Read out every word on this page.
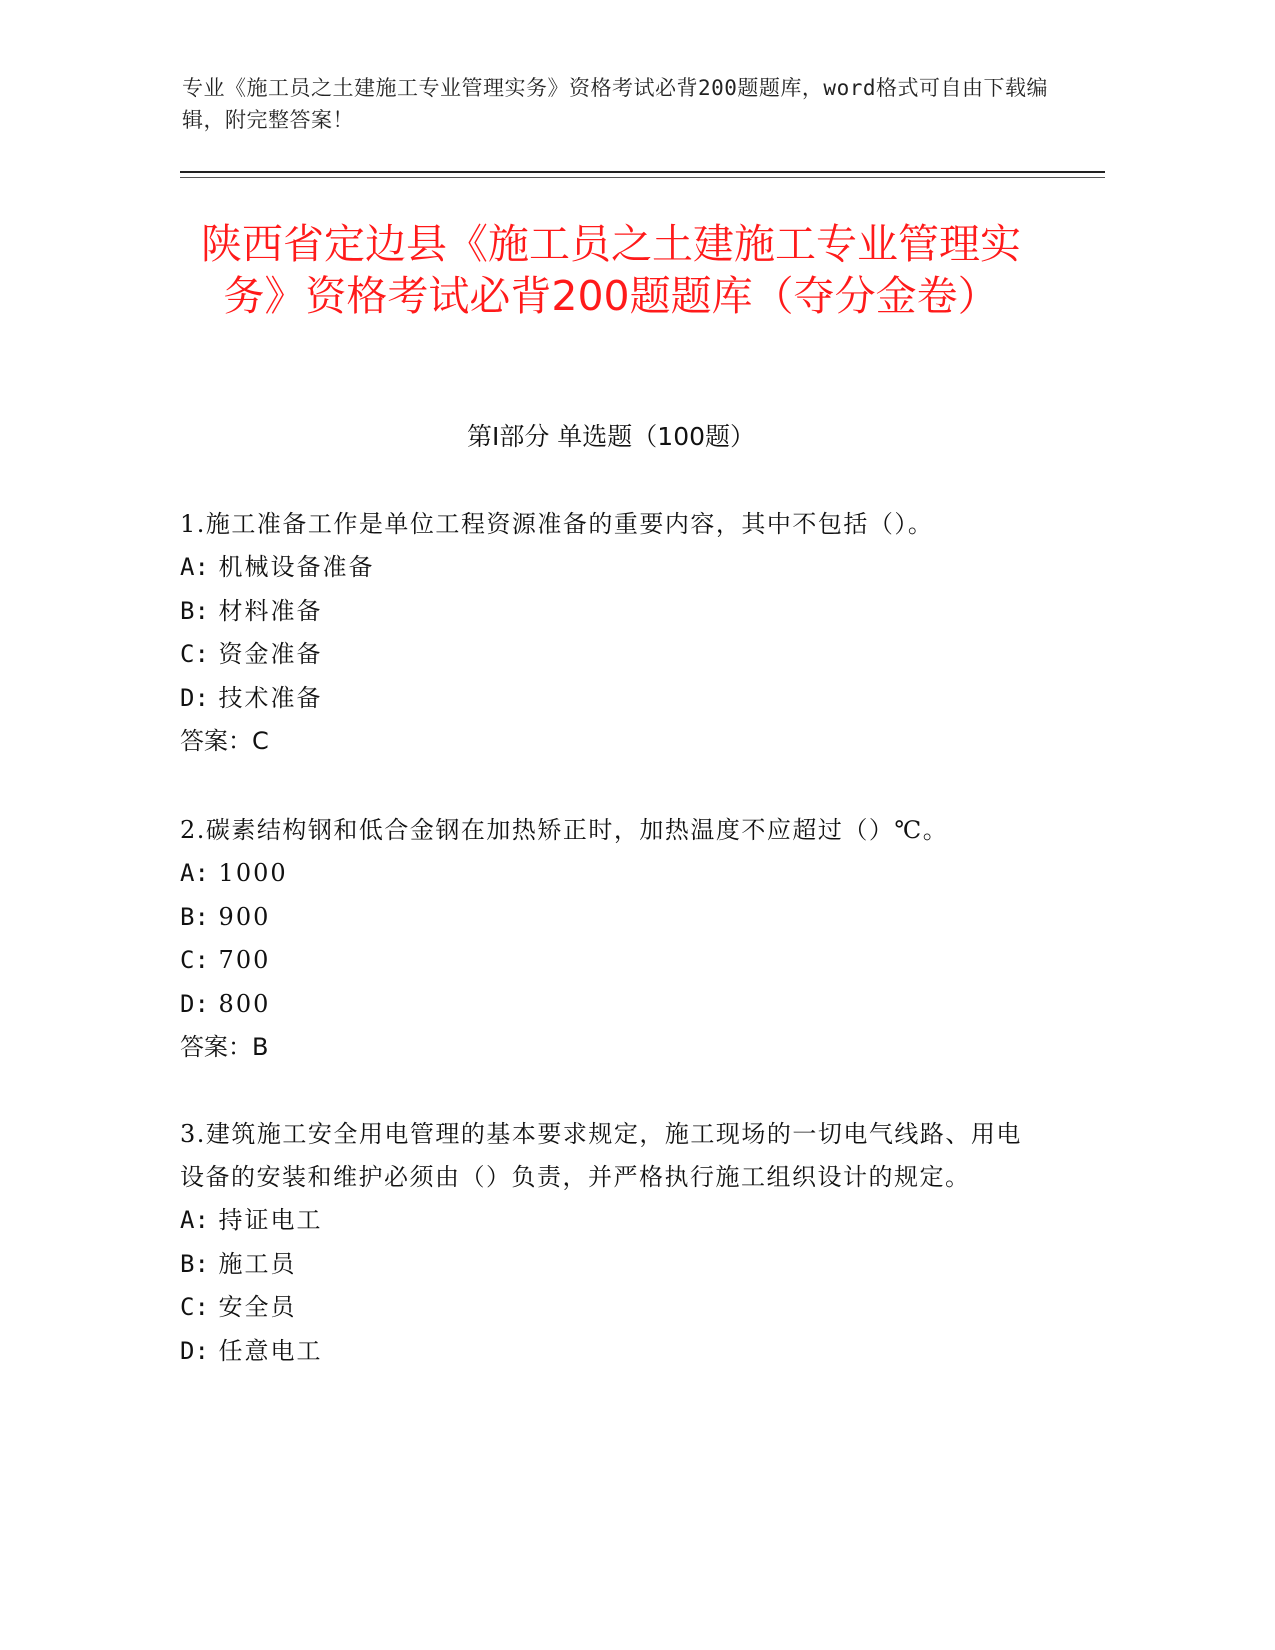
专业《施工员之土建施工专业管理实务》资格考试必背200题题库，word格式可自由下载编辑，附完整答案！
陕西省定边县《施工员之土建施工专业管理实务》资格考试必背200题题库（夺分金卷）
第I部分 单选题（100题）
1.施工准备工作是单位工程资源准备的重要内容，其中不包括（）。
A: 机械设备准备
B: 材料准备
C: 资金准备
D: 技术准备
答案：C
2.碳素结构钢和低合金钢在加热矫正时，加热温度不应超过（）℃。
A: 1000
B: 900
C: 700
D: 800
答案：B
3.建筑施工安全用电管理的基本要求规定，施工现场的一切电气线路、用电设备的安装和维护必须由（）负责，并严格执行施工组织设计的规定。
A: 持证电工
B: 施工员
C: 安全员
D: 任意电工
